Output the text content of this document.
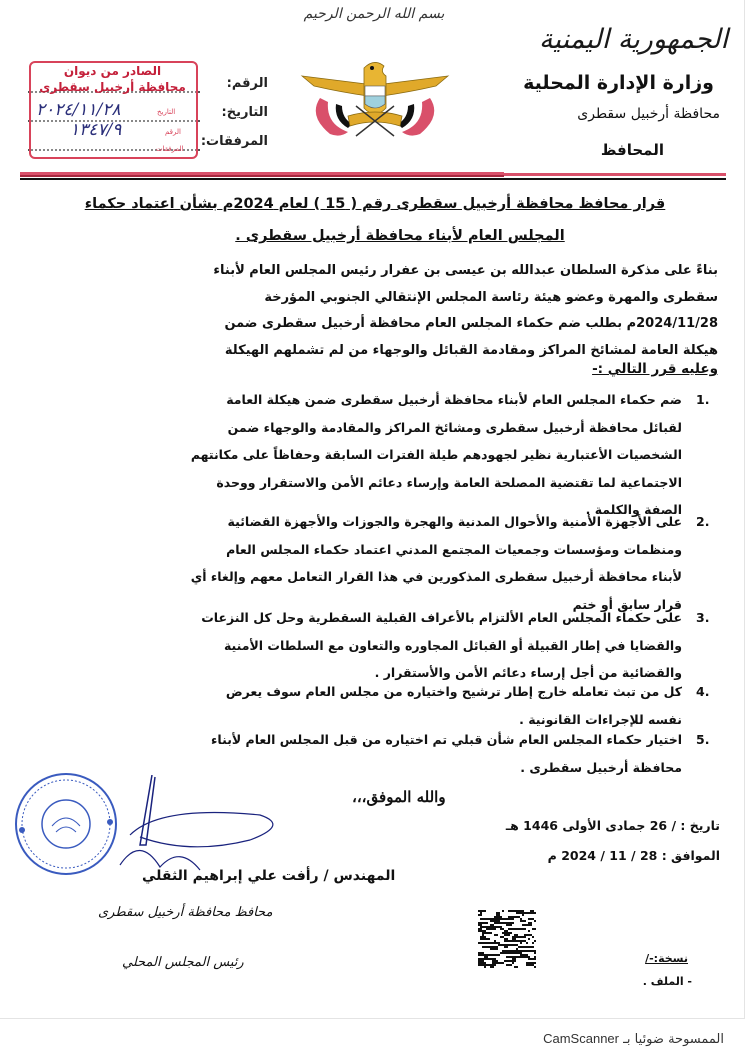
الجمهورية اليمنية
وزارة الإدارة المحلية
محافظة أرخبيل سقطرى
المحافظ
بسم الله الرحمن الرحيم
الرقم:
التاريخ:
المرفقات:
الصادر من ديوان
محافظة أرخبيل سقطرى
التاريخ
الرقم
المرفقات
٢٠٢٤/١١/٢٨
١٣٤٧/٩
قرار محافظ محافظة أرخبيل سقطرى رقم ( 15 ) لعام 2024م بشأن اعتماد حكماء
المجلس العام لأبناء محافظة أرخبيل سقطرى .
بناءً على مذكرة السلطان عبدالله بن عيسى بن عفرار رئيس المجلس العام لأبناء
سقطرى والمهرة وعضو هيئة رئاسة المجلس الإنتقالي الجنوبي المؤرخة
2024/11/28م بطلب ضم حكماء المجلس العام محافظة أرخبيل سقطرى ضمن
هيكلة العامة لمشائخ المراكز ومقادمة القبائل والوجهاء من لم تشملهم الهيكلة
وعليه قرر التالي :-
1.
ضم حكماء المجلس العام لأبناء محافظة أرخبيل سقطرى ضمن هيكلة العامة
لقبائل محافظة أرخبيل سقطرى ومشائخ المراكز والمقادمة والوجهاء ضمن
الشخصيات الأعتبارية نظير لجهودهم طيلة الفترات السابقة وحفاظاً على مكانتهم
الاجتماعية لما تقتضية المصلحة العامة وإرساء دعائم الأمن والاستقرار ووحدة
الصفة والكلمة .
2.
على الأجهزة الأمنية والأحوال المدنية والهجرة والجوزات والأجهزة القضائية
ومنظمات ومؤسسات وجمعيات المجتمع المدني اعتماد حكماء المجلس العام
لأبناء محافظة أرخبيل سقطرى المذكورين في هذا القرار التعامل معهم وإلغاء أي
قرار سابق أو ختم
3.
على حكماء المجلس العام الألتزام بالأعراف القبلية السقطرية وحل كل النزعات
والقضايا في إطار القبيلة أو القبائل المجاوره والتعاون مع السلطات الأمنية
والقضائية من أجل إرساء دعائم الأمن والأستقرار .
4.
كل من تبث تعامله خارج إطار ترشيح واختياره من مجلس العام سوف يعرض
نفسه للإجراءات القانونية .
5.
اختيار حكماء المجلس العام شأن قبلي تم اختياره من قبل المجلس العام لأبناء
محافظة أرخبيل سقطرى .
والله الموفق،،،
تاريخ : / 26 جمادى الأولى 1446 هـ
الموافق : 28 / 11 / 2024 م
المهندس / رأفت علي إبراهيم الثقلي
محافظ محافظة أرخبيل سقطرى
رئيس المجلس المحلي	نسخة:-/
- الملف .
الممسوحة ضوئيا بـ CamScanner
